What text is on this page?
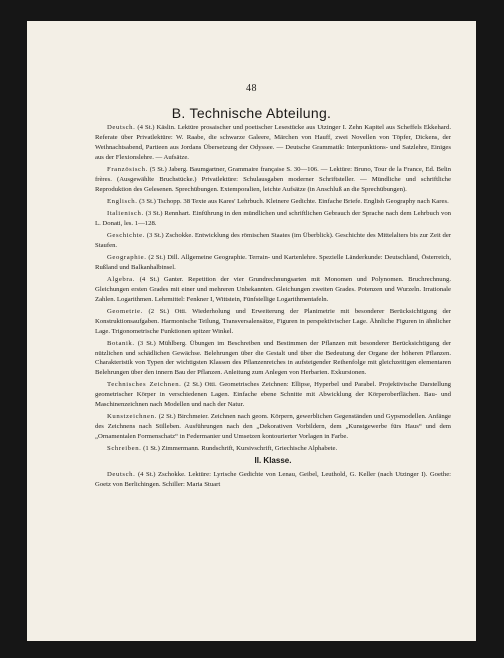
48
B. Technische Abteilung.

Deutsch. (4 St.) Käslin. Lektüre prosaischer und poetischer Lesestücke aus Utzinger I. Zehn Kapitel aus Scheffels Ekkehard. Referate über Privatlektüre: W. Raabe, die schwarze Galeere, Märchen von Hauff, zwei Novellen von Töpfer, Dickens, der Weihnachtsabend, Partieen aus Jordans Übersetzung der Odyssee. — Deutsche Grammatik: Interpunktions- und Satzlehre, Einiges aus der Flexionslehre. — Aufsätze.

Französisch. (5 St.) Jaberg. Baumgartner, Grammaire française S. 30—106. — Lektüre: Bruno, Tour de la France, Ed. Belin frères. (Ausgewählte Bruchstücke.) Privatlektüre: Schulausgaben moderner Schriftsteller. — Mündliche und schriftliche Reproduktion des Gelesenen. Sprechübungen. Extemporalien, leichte Aufsätze (in Anschluß an die Sprechübungen).

Englisch. (3 St.) Tschopp. 38 Texte aus Kares' Lehrbuch. Kleinere Gedichte. Einfache Briefe. English Geography nach Kares.

Italienisch. (3 St.) Rennhart. Einführung in den mündlichen und schriftlichen Gebrauch der Sprache nach dem Lehrbuch von L. Donati, les. 1—128.

Geschichte. (3 St.) Zschokke. Entwicklung des römischen Staates (im Überblick). Geschichte des Mittelalters bis zur Zeit der Staufen.

Geographie. (2 St.) Dill. Allgemeine Geographie. Terrain- und Kartenlehre. Spezielle Länderkunde: Deutschland, Österreich, Rußland und Balkanhalbinsel.

Algebra. (4 St.) Ganter. Repetition der vier Grundrechnungsarten mit Monomen und Polynomen. Bruchrechnung. Gleichungen ersten Grades mit einer und mehreren Unbekannten. Gleichungen zweiten Grades. Potenzen und Wurzeln. Irrationale Zahlen. Logarithmen. Lehrmittel: Fenkner I, Wittstein, Fünfstellige Logarithmentafeln.

Geometrie. (2 St.) Otti. Wiederholung und Erweiterung der Planimetrie mit besonderer Berücksichtigung der Konstruktionsaufgaben. Harmonische Teilung, Transversalensätze, Figuren in perspektivischer Lage. Ähnliche Figuren in ähnlicher Lage. Trigonometrische Funktionen spitzer Winkel.

Botanik. (3 St.) Mühlberg. Übungen im Beschreiben und Bestimmen der Pflanzen mit besonderer Berücksichtigung der nützlichen und schädlichen Gewächse. Belehrungen über die Gestalt und über die Bedeutung der Organe der höheren Pflanzen. Charakteristik von Typen der wichtigsten Klassen des Pflanzenreiches in aufsteigender Reihenfolge mit gleichzeitigen elementaren Belehrungen über den innern Bau der Pflanzen. Anleitung zum Anlegen von Herbarien. Exkursionen.

Technisches Zeichnen. (2 St.) Otti. Geometrisches Zeichnen: Ellipse, Hyperbel und Parabel. Projektivische Darstellung geometrischer Körper in verschiedenen Lagen. Einfache ebene Schnitte mit Abwicklung der Körperoberflächen. Bau- und Maschinenzeichnen nach Modellen und nach der Natur.

Kunstzeichnen. (2 St.) Birchmeier. Zeichnen nach geom. Körpern, gewerblichen Gegenständen und Gypsmodellen. Anfänge des Zeichnens nach Stilleben. Ausführungen nach den „Dekorativen Vorbildern, dem „Kunstgewerbe fürs Haus“ und dem „Ornamentalen Formenschatz“ in Federmanier und Umsetzen kontourierter Vorlagen in Farbe.

Schreiben. (1 St.) Zimmermann. Rundschrift, Kursivschrift, Griechische Alphabete.

II. Klasse.

Deutsch. (4 St.) Zschokke. Lektüre: Lyrische Gedichte von Lenau, Geibel, Leuthold, G. Keller (nach Utzinger I). Goethe: Goetz von Berlichingen. Schiller: Maria Stuart
